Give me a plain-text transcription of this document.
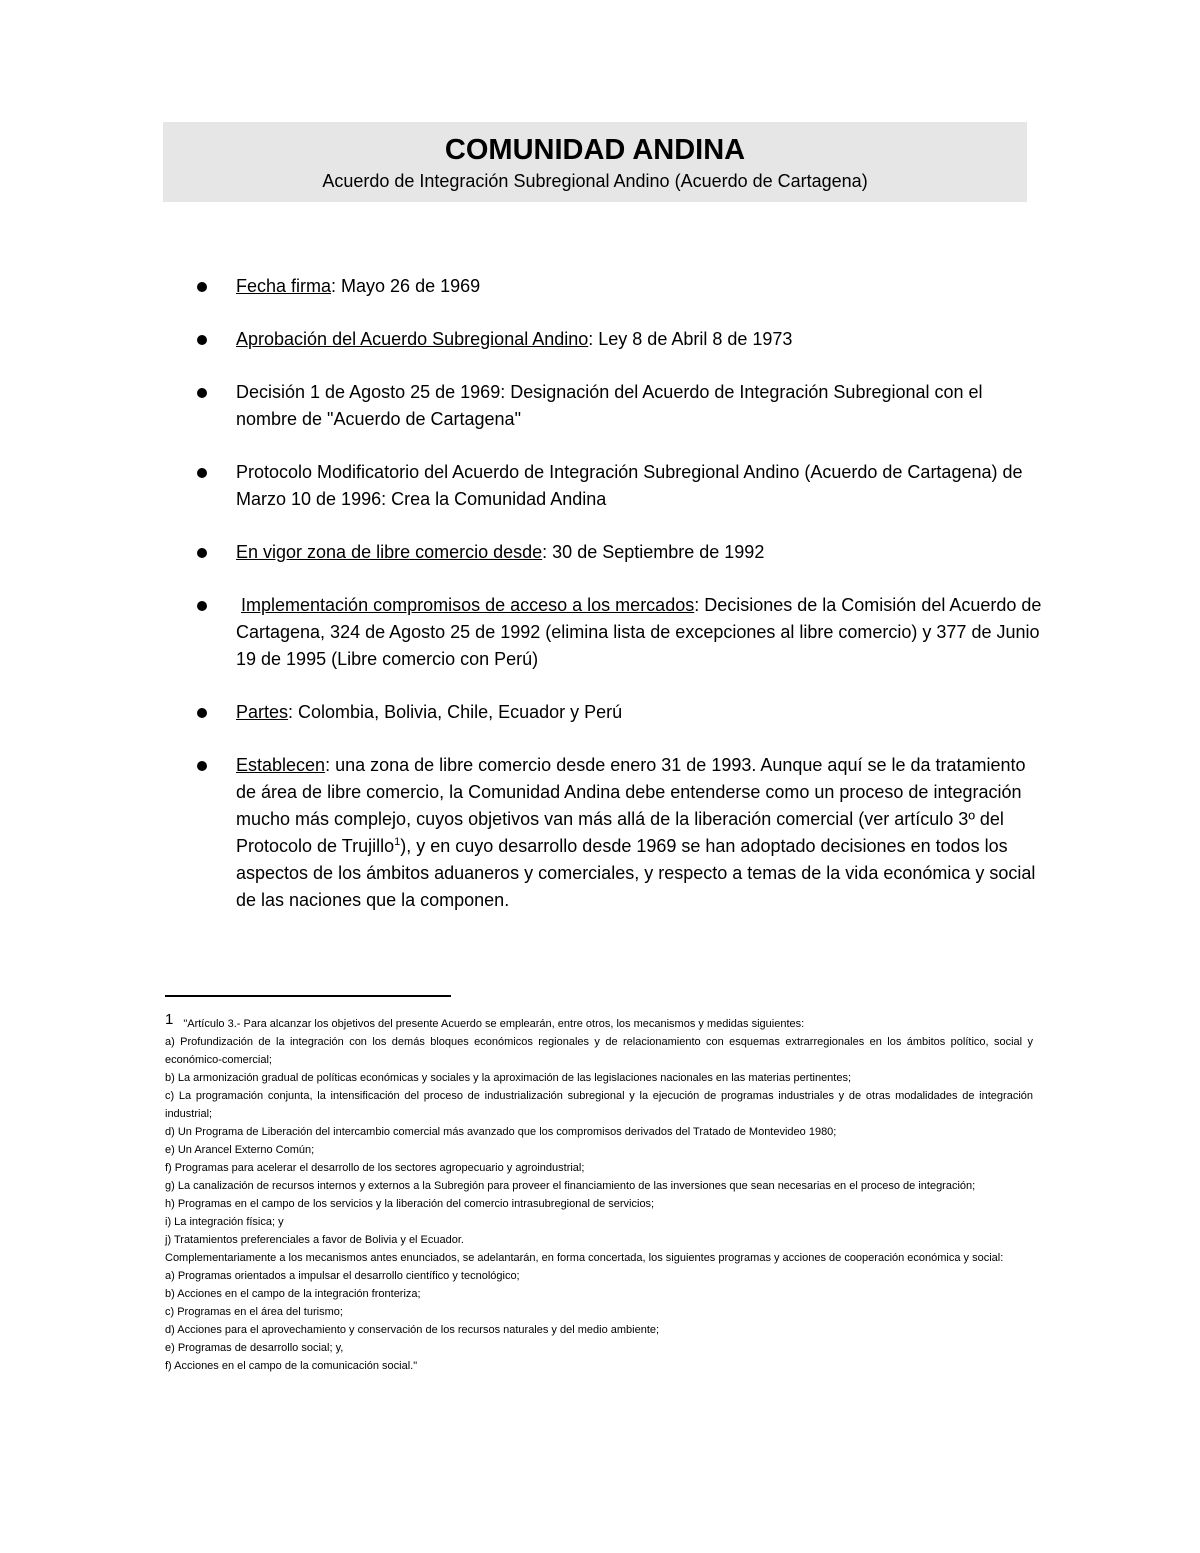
COMUNIDAD ANDINA

Acuerdo de Integración Subregional Andino (Acuerdo de Cartagena)

Fecha firma: Mayo 26 de 1969
Aprobación del Acuerdo Subregional Andino: Ley 8 de Abril 8 de 1973
Decisión 1 de Agosto 25 de 1969: Designación del Acuerdo de Integración Subregional con el nombre de "Acuerdo de Cartagena"
Protocolo Modificatorio del Acuerdo de Integración Subregional Andino (Acuerdo de Cartagena) de Marzo 10 de 1996: Crea la Comunidad Andina
En vigor zona de libre comercio desde: 30 de Septiembre de 1992
Implementación compromisos de acceso a los mercados: Decisiones de la Comisión del Acuerdo de Cartagena, 324 de Agosto 25 de 1992 (elimina lista de excepciones al libre comercio) y 377 de Junio 19 de 1995 (Libre comercio con Perú)
Partes: Colombia, Bolivia, Chile, Ecuador y Perú
Establecen: una zona de libre comercio desde enero 31 de 1993. Aunque aquí se le da tratamiento de área de libre comercio, la Comunidad Andina debe entenderse como un proceso de integración mucho más complejo, cuyos objetivos van más allá de la liberación comercial (ver artículo 3º del Protocolo de Trujillo$^1$), y en cuyo desarrollo desde 1969 se han adoptado decisiones en todos los aspectos de los ámbitos aduaneros y comerciales, y respecto a temas de la vida económica y social de las naciones que la componen.
1 "Artículo 3.- Para alcanzar los objetivos del presente Acuerdo se emplearán, entre otros, los mecanismos y medidas siguientes:
a) Profundización de la integración con los demás bloques económicos regionales y de relacionamiento con esquemas extrarregionales en los ámbitos político, social y económico-comercial;
b) La armonización gradual de políticas económicas y sociales y la aproximación de las legislaciones nacionales en las materias pertinentes;
c) La programación conjunta, la intensificación del proceso de industrialización subregional y la ejecución de programas industriales y de otras modalidades de integración industrial;
d) Un Programa de Liberación del intercambio comercial más avanzado que los compromisos derivados del Tratado de Montevideo 1980;
e) Un Arancel Externo Común;
f) Programas para acelerar el desarrollo de los sectores agropecuario y agroindustrial;
g) La canalización de recursos internos y externos a la Subregión para proveer el financiamiento de las inversiones que sean necesarias en el proceso de integración;
h) Programas en el campo de los servicios y la liberación del comercio intrasubregional de servicios;
i) La integración física; y
j) Tratamientos preferenciales a favor de Bolivia y el Ecuador.
Complementariamente a los mecanismos antes enunciados, se adelantarán, en forma concertada, los siguientes programas y acciones de cooperación económica y social:
a) Programas orientados a impulsar el desarrollo científico y tecnológico;
b) Acciones en el campo de la integración fronteriza;
c) Programas en el área del turismo;
d) Acciones para el aprovechamiento y conservación de los recursos naturales y del medio ambiente;
e) Programas de desarrollo social; y,
f) Acciones en el campo de la comunicación social."
